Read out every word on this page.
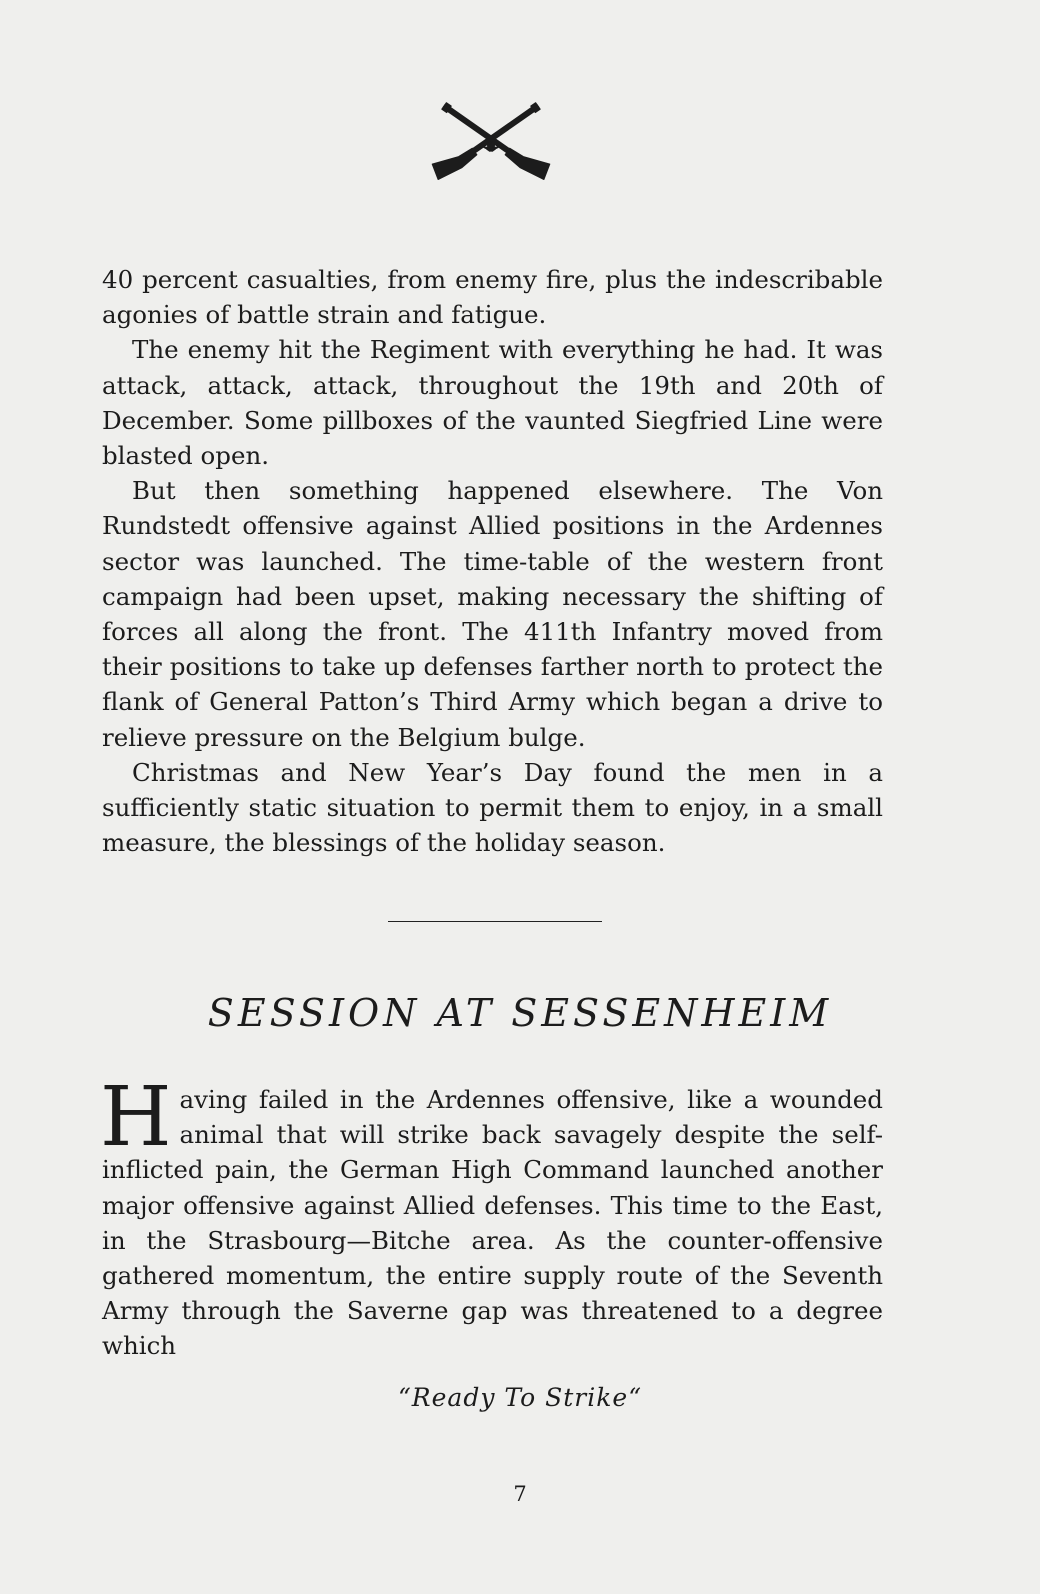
40 percent casualties, from enemy fire, plus the indescribable agonies of battle strain and fatigue.

The enemy hit the Regiment with everything he had. It was attack, attack, attack, throughout the 19th and 20th of December. Some pillboxes of the vaunted Siegfried Line were blasted open.

But then something happened elsewhere. The Von Rundstedt offensive against Allied positions in the Ardennes sector was launched. The time-table of the western front campaign had been upset, making necessary the shifting of forces all along the front. The 411th Infantry moved from their positions to take up defenses farther north to protect the flank of General Patton’s Third Army which began a drive to relieve pressure on the Belgium bulge.

Christmas and New Year’s Day found the men in a sufficiently static situation to permit them to enjoy, in a small measure, the blessings of the holiday season.

SESSION AT SESSENHEIM

Having failed in the Ardennes offensive, like a wounded animal that will strike back savagely despite the self-inflicted pain, the German High Command launched another major offensive against Allied defenses. This time to the East, in the Strasbourg—Bitche area. As the counter-offensive gathered momentum, the entire supply route of the Seventh Army through the Saverne gap was threatened to a degree which

“Ready To Strike“
7
